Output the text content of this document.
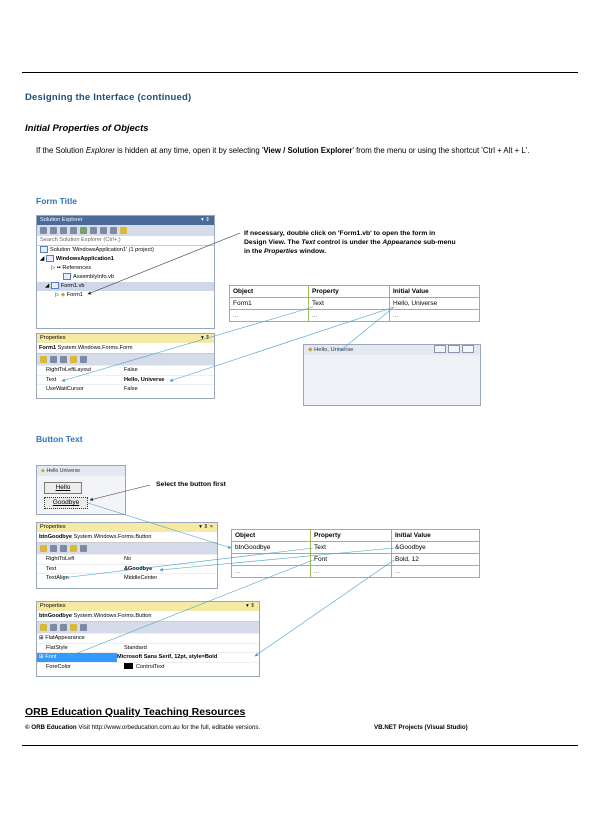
Designing the Interface (continued)
Initial Properties of Objects
If the Solution Explorer is hidden at any time, open it by selecting 'View / Solution Explorer' from the menu or using the shortcut 'Ctrl + Alt + L'.
Form Title
Solution Explorer	▾ ⇕
Search Solution Explorer (Ctrl+;)
Solution 'WindowsApplication1' (1 project)
◢ WindowsApplication1
▷ ▪▪ References
AssemblyInfo.vb
◢ Form1.vb
▷ ◆ Form1
Properties	▾ ⇕
Form1 System.Windows.Forms.Form
RightToLeftLayout	False
Text	Hello, Universe
UseWaitCursor	False
If necessary, double click on 'Form1.vb' to open the form in Design View. The Text control is under the Appearance sub-menu in the Properties window.
Object	Property	Initial Value
Form1	Text	Hello, Universe
...	...	...
◆ Hello, Universe
Button Text
◆ Hello Universe
Hello
Goodbye
Select the button first
Properties	▾ ⇕ ×
btnGoodbye System.Windows.Forms.Button
RightToLeft	No
Text	&Goodbye
TextAlign	MiddleCenter
Object	Property	Initial Value
btnGoodbye	Text	&Goodbye
	Font	Bold, 12
...	...	...
Properties	▾ ⇕
btnGoodbye System.Windows.Forms.Button
⊞ FlatAppearance
FlatStyle	Standard
⊞ Font	Microsoft Sans Serif, 12pt, style=Bold
ForeColor	ControlText
ORB Education Quality Teaching Resources
© ORB Education Visit http://www.orbeducation.com.au for the full, editable versions.	VB.NET Projects (Visual Studio)
